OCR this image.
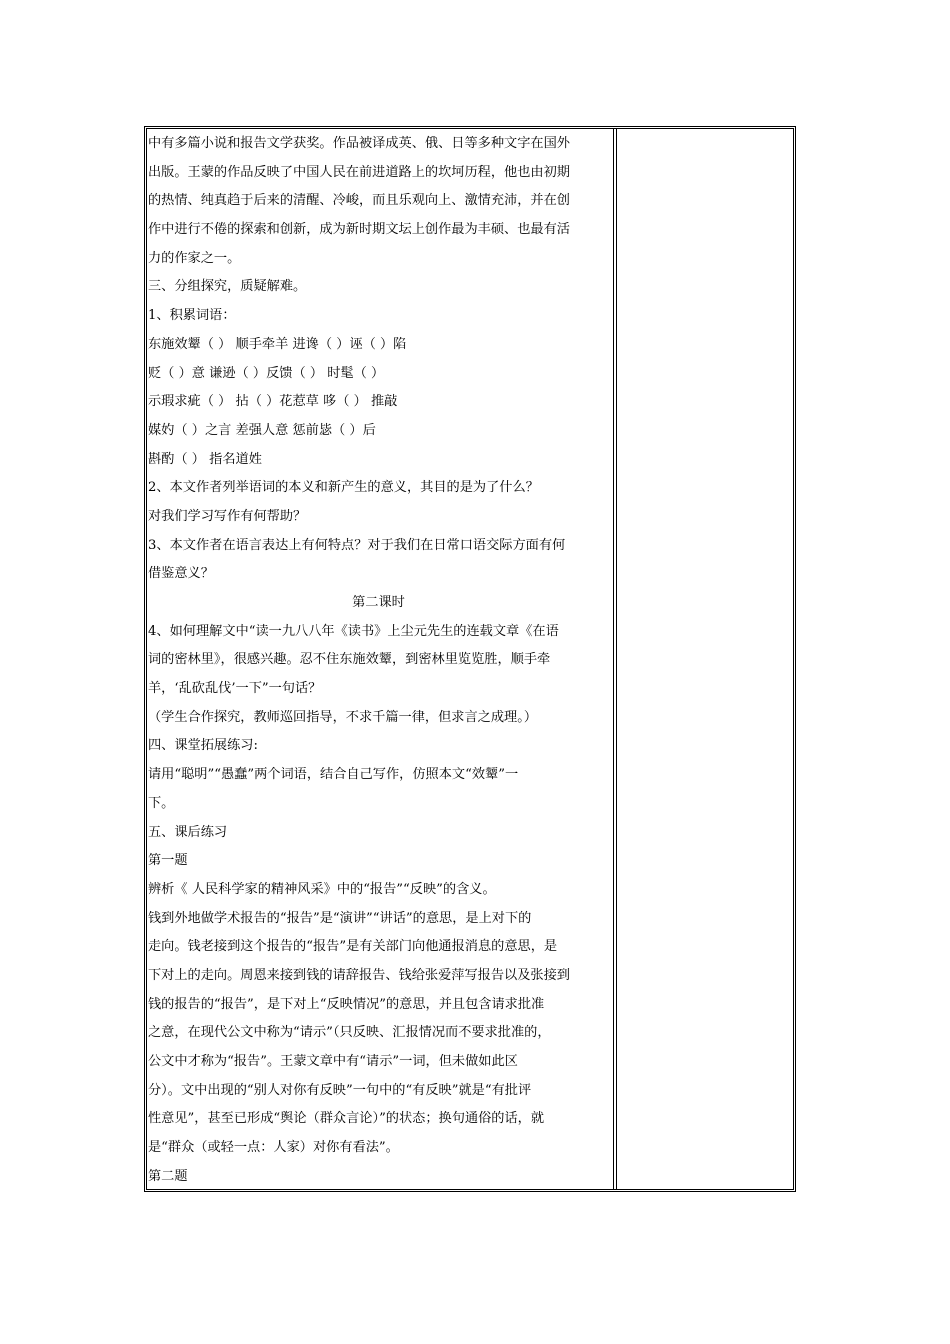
中有多篇小说和报告文学获奖。作品被译成英、俄、日等多种文字在国外
出版。王蒙的作品反映了中国人民在前进道路上的坎坷历程，他也由初期
的热情、纯真趋于后来的清醒、冷峻，而且乐观向上、激情充沛，并在创
作中进行不倦的探索和创新，成为新时期文坛上创作最为丰硕、也最有活
力的作家之一。
三、分组探究，质疑解难。
1、积累词语：
东施效颦（ ） 顺手牵羊 进谗（ ）诬（ ）陷
贬（ ）意 谦逊（ ）反馈（ ） 时髦（ ）
示瑕求疵（ ） 拈（ ）花惹草 哆（ ） 推敲
媒妁（ ）之言 差强人意 惩前毖（ ）后
斟酌（ ） 指名道姓
2、本文作者列举语词的本义和新产生的意义，其目的是为了什么？
对我们学习写作有何帮助？
3、本文作者在语言表达上有何特点？对于我们在日常口语交际方面有何
借鉴意义？
第二课时
4、如何理解文中“读一九八八年《读书》上尘元先生的连载文章《在语
词的密林里》，很感兴趣。忍不住东施效颦，到密林里览览胜，顺手牵
羊，‘乱砍乱伐’一下”一句话？
（学生合作探究，教师巡回指导，不求千篇一律，但求言之成理。）
四、课堂拓展练习:
请用“聪明”“愚蠢”两个词语，结合自己写作，仿照本文“效颦”一
下。
五、课后练习
第一题
辨析《 人民科学家的精神风采》中的“报告”“反映”的含义。
钱到外地做学术报告的“报告”是“演讲”“讲话”的意思，是上对下的
走向。钱老接到这个报告的“报告”是有关部门向他通报消息的意思，是
下对上的走向。周恩来接到钱的请辞报告、钱给张爱萍写报告以及张接到
钱的报告的“报告”，是下对上“反映情况”的意思，并且包含请求批准
之意，在现代公文中称为“请示”（只反映、汇报情况而不要求批准的，
公文中才称为“报告”。王蒙文章中有“请示”一词，但未做如此区
分）。文中出现的“别人对你有反映”一句中的“有反映”就是“有批评
性意见”，甚至已形成“舆论（群众言论）”的状态；换句通俗的话，就
是“群众（或轻一点：人家）对你有看法”。
第二题
